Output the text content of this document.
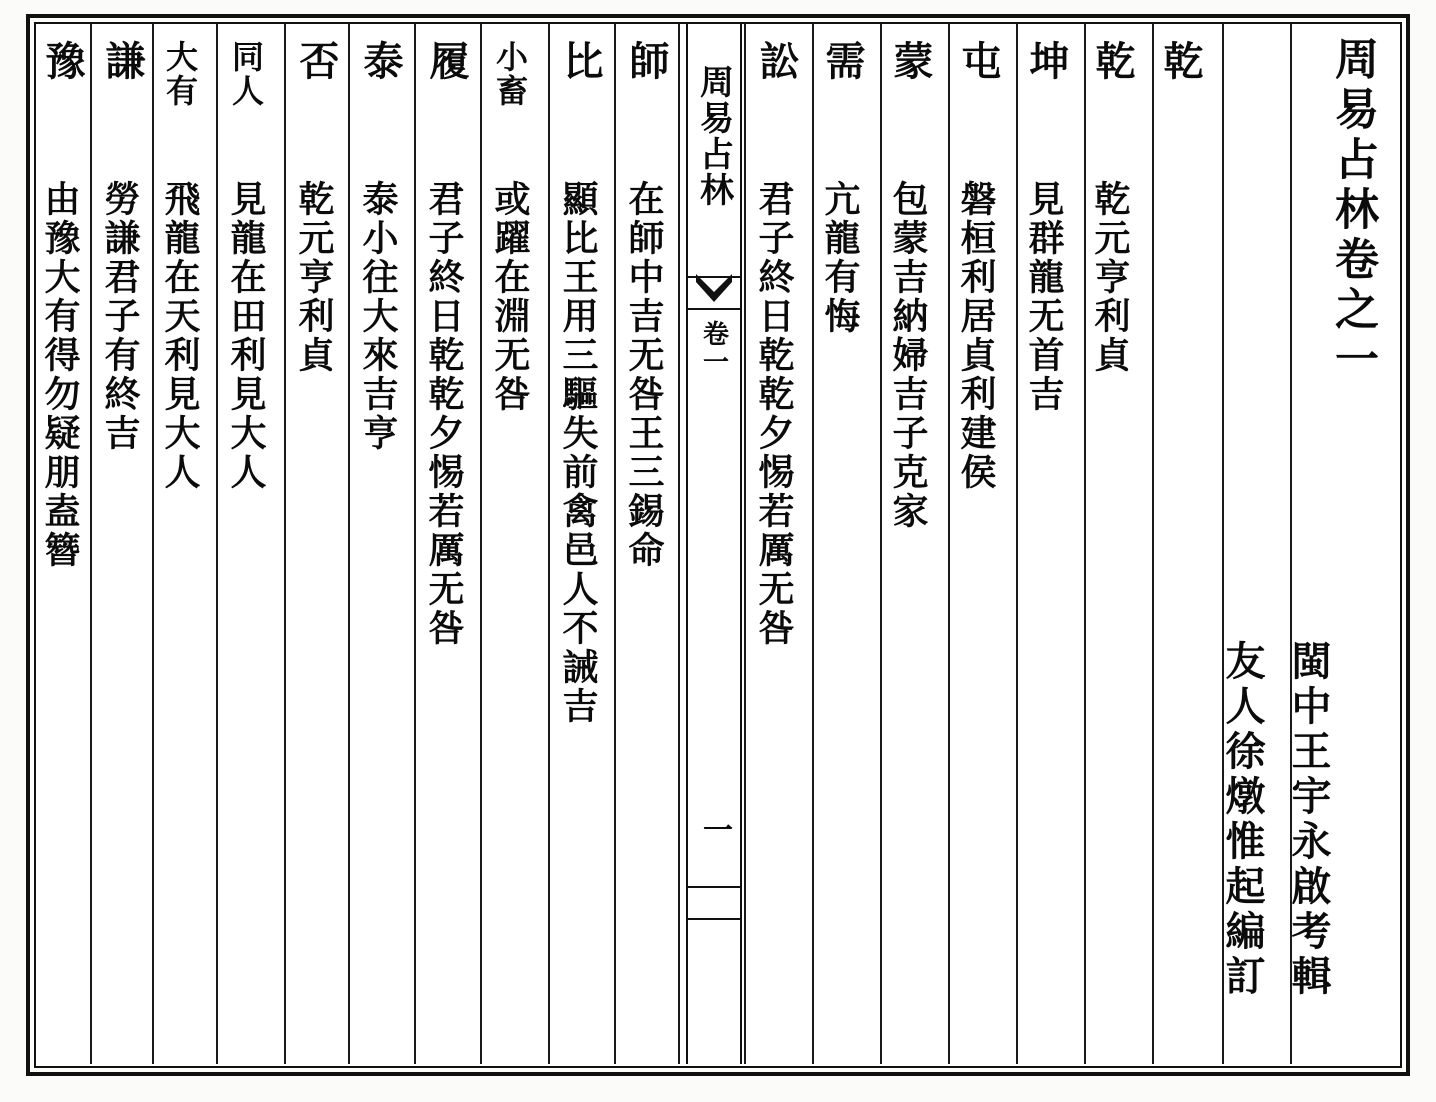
周易占林
卷一
一
周易占林卷之一
閩中王宇永啟考輯
友人徐燉惟起編訂
乾
乾
乾元亨利貞
坤
見群龍无首吉
屯
磐桓利居貞利建侯
蒙
包蒙吉納婦吉子克家
需
亢龍有悔
訟
君子終日乾乾夕惕若厲无咎
師
在師中吉无咎王三錫命
比
顯比王用三驅失前禽邑人不誡吉
小畜
或躍在淵无咎
履
君子終日乾乾夕惕若厲无咎
泰
泰小往大來吉亨
否
乾元亨利貞
同人
見龍在田利見大人
大有
飛龍在天利見大人
謙
勞謙君子有終吉
豫
由豫大有得勿疑朋盍簪
